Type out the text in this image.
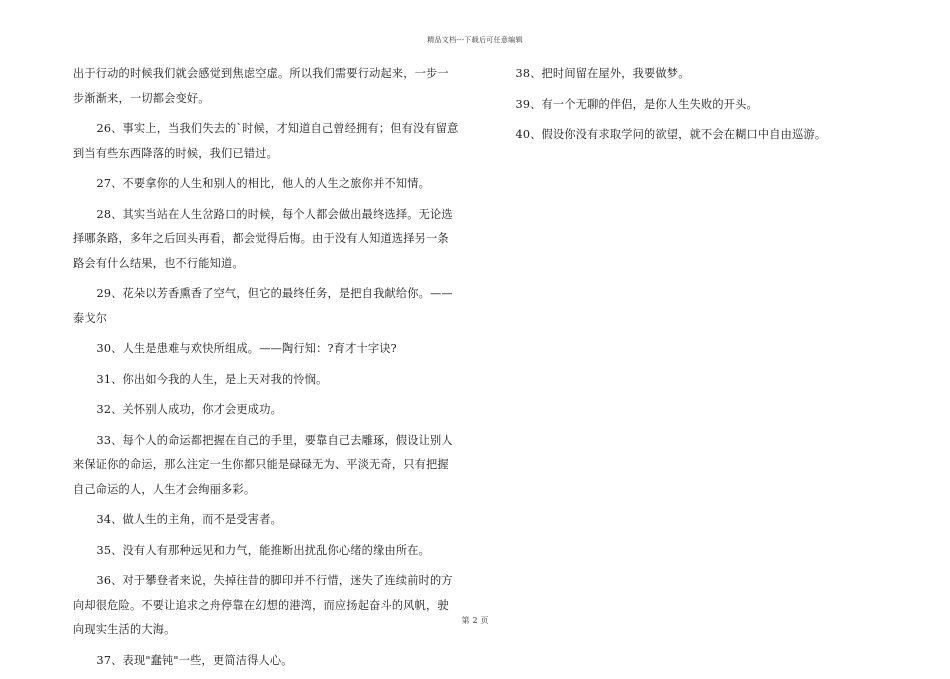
精品文档---下载后可任意编辑

出于行动的时候我们就会感觉到焦虑空虚。所以我们需要行动起来，一步一步渐渐来，一切都会变好。

26、事实上，当我们失去的`时候，才知道自己曾经拥有；但有没有留意到当有些东西降落的时候，我们已错过。

27、不要拿你的人生和别人的相比，他人的人生之旅你并不知情。

28、其实当站在人生岔路口的时候，每个人都会做出最终选择。无论选择哪条路，多年之后回头再看，都会觉得后悔。由于没有人知道选择另一条路会有什么结果，也不行能知道。

29、花朵以芳香熏香了空气，但它的最终任务，是把自我献给你。——泰戈尔

30、人生是患难与欢快所组成。——陶行知：?育才十字诀?

31、你出如今我的人生，是上天对我的怜悯。

32、关怀别人成功，你才会更成功。

33、每个人的命运都把握在自己的手里，要靠自己去雕琢，假设让别人来保证你的命运，那么注定一生你都只能是碌碌无为、平淡无奇，只有把握自己命运的人，人生才会绚丽多彩。

34、做人生的主角，而不是受害者。

35、没有人有那种远见和力气，能推断出扰乱你心绪的缘由所在。

36、对于攀登者来说，失掉往昔的脚印并不行惜，迷失了连续前时的方向却很危险。不要让追求之舟停靠在幻想的港湾，而应扬起奋斗的风帆，驶向现实生活的大海。

37、表现"蠢钝"一些，更简洁得人心。

38、把时间留在屋外，我要做梦。

39、有一个无聊的伴侣，是你人生失败的开头。

40、假设你没有求取学问的欲望，就不会在糊口中自由巡游。

第 2 页
